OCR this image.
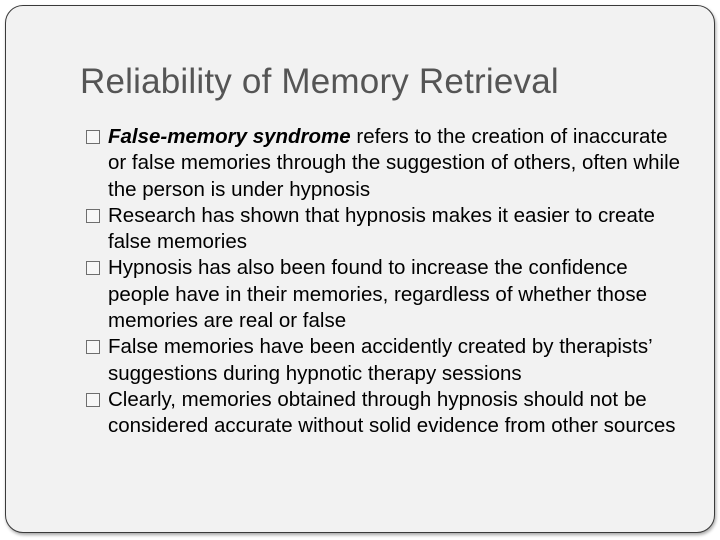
Reliability of Memory Retrieval
False-memory syndrome refers to the creation of inaccurate or false memories through the suggestion of others, often while the person is under hypnosis
Research has shown that hypnosis makes it easier to create false memories
Hypnosis has also been found to increase the confidence people have in their memories, regardless of whether those memories are real or false
False memories have been accidently created by therapists’ suggestions during hypnotic therapy sessions
Clearly, memories obtained through hypnosis should not be considered accurate without solid evidence from other sources
